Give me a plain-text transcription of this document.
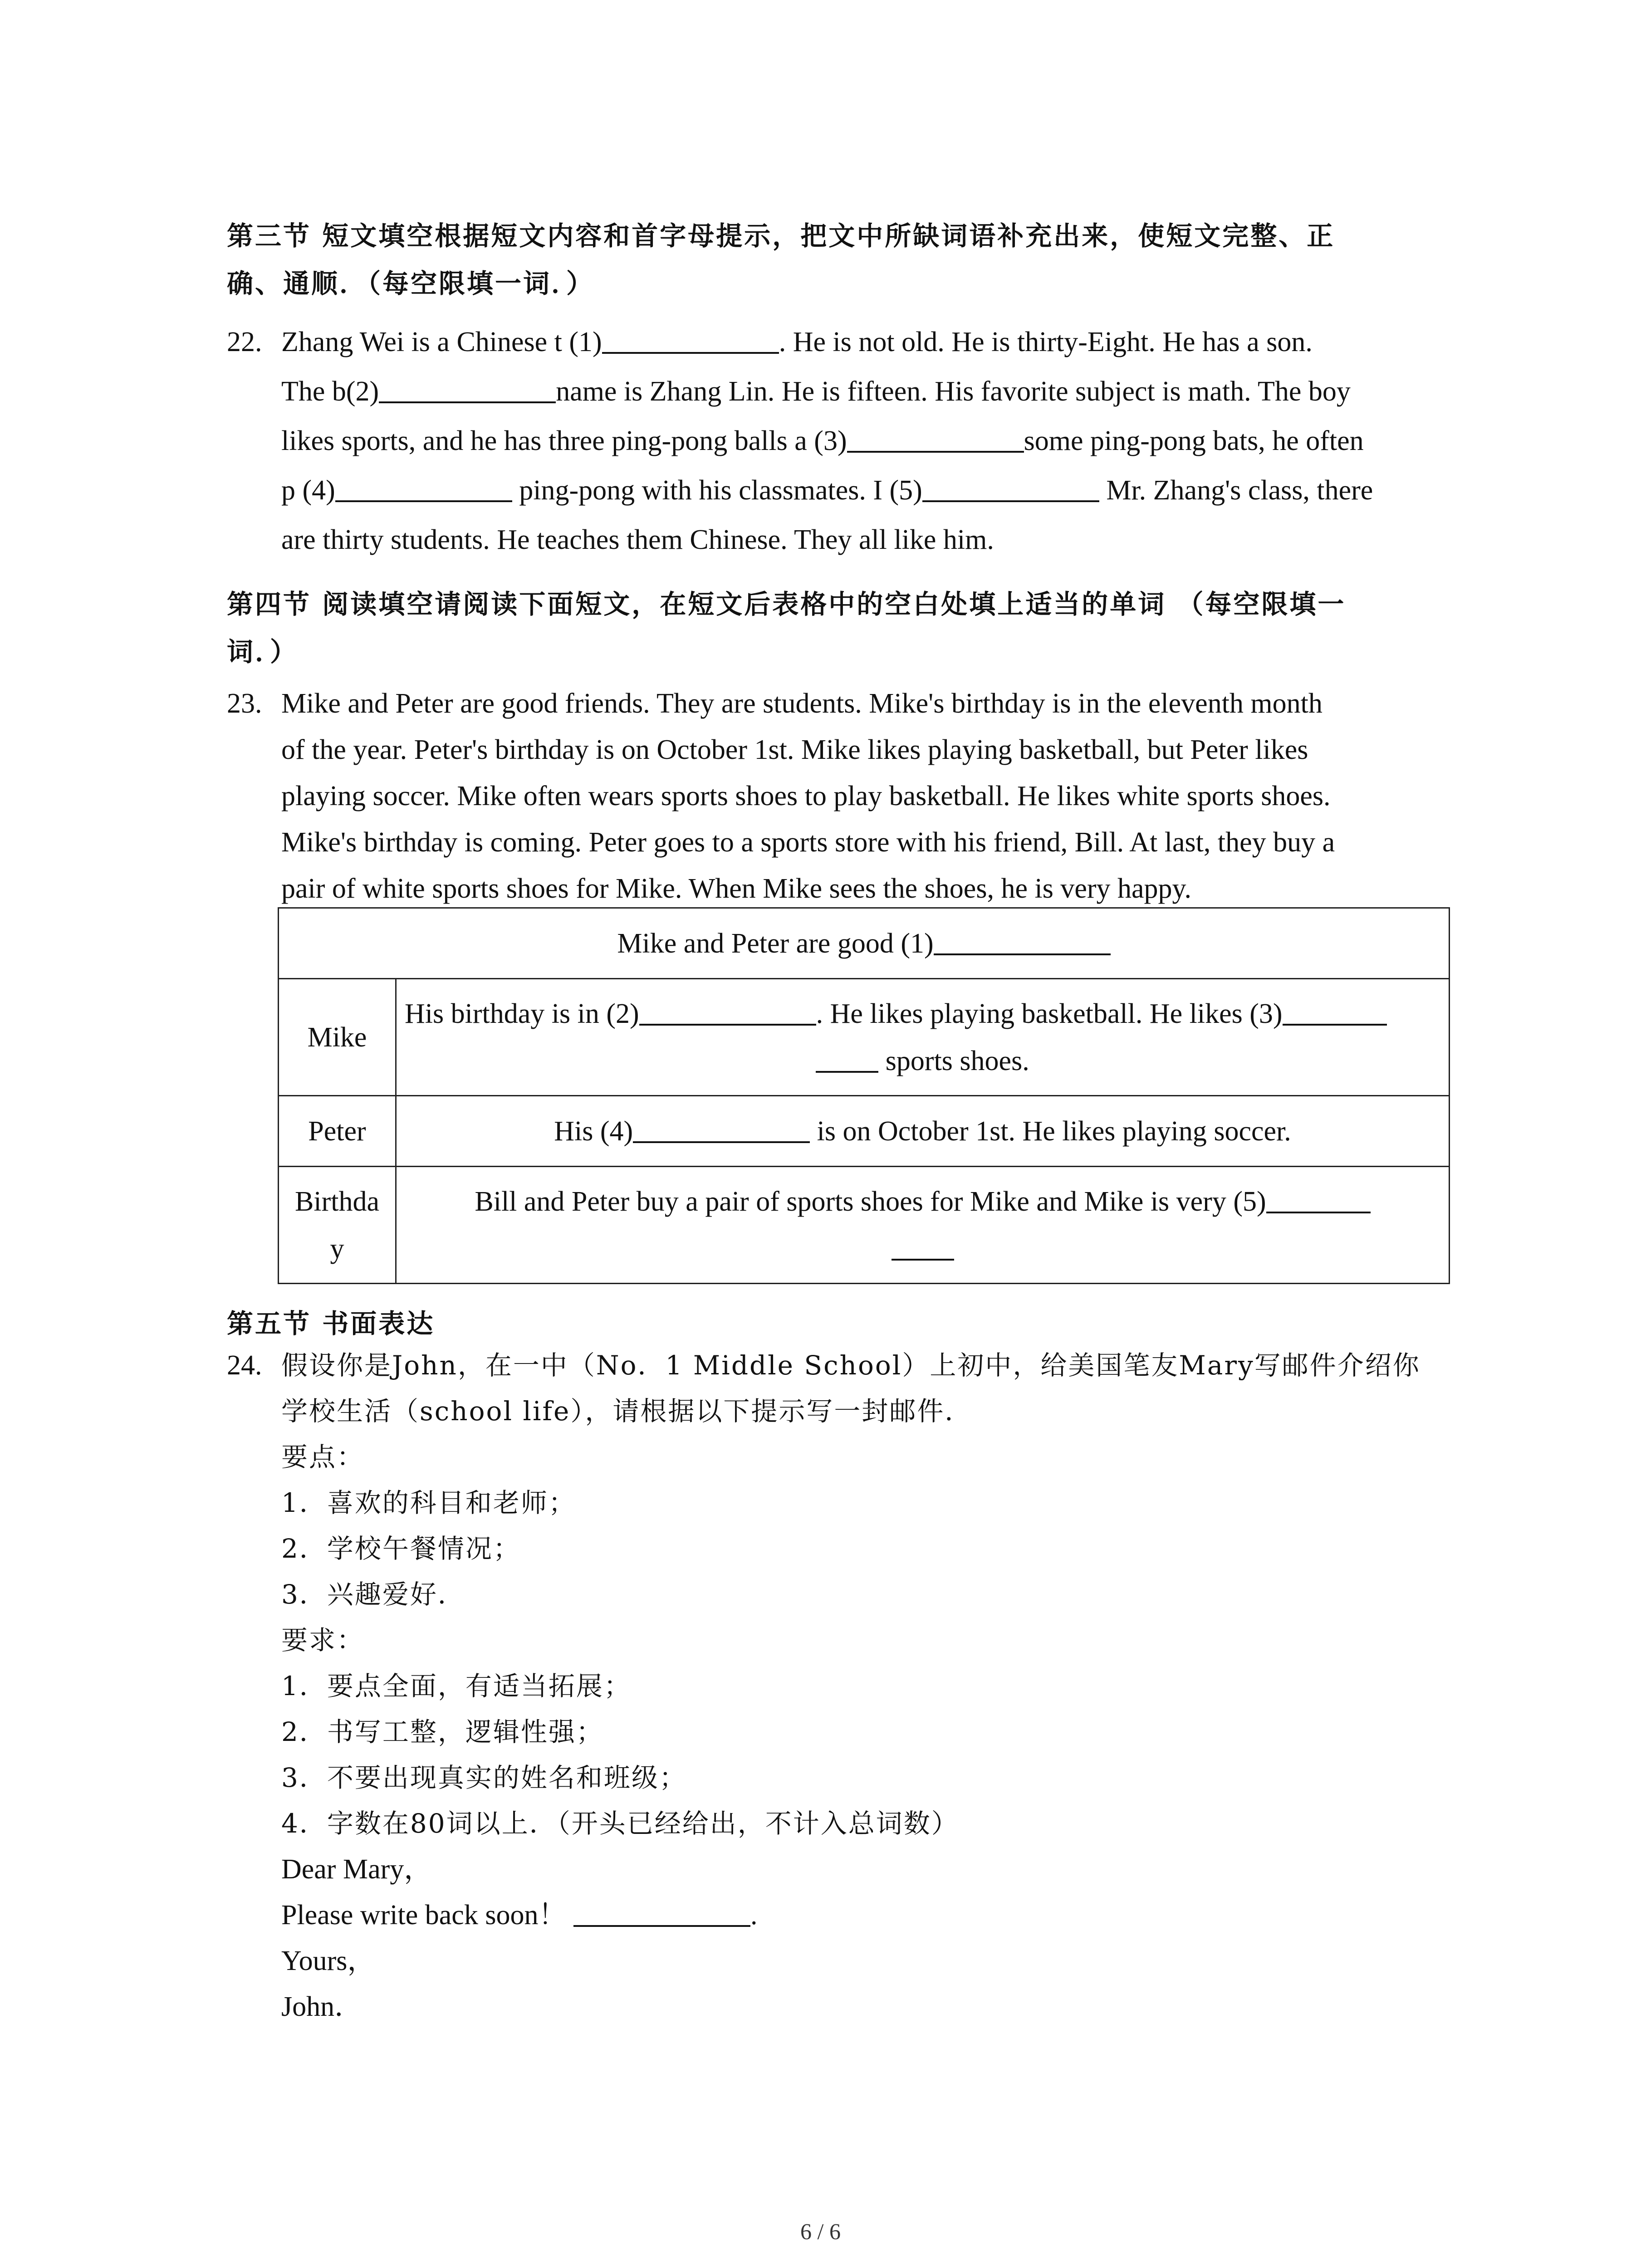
第三节 短文填空根据短文内容和首字母提示，把文中所缺词语补充出来，使短文完整、正
确、通顺．（每空限填一词．）
22. Zhang Wei is a Chinese t (1)	. He is not old. He is thirty-Eight. He has a son.
The b(2)	name is Zhang Lin. He is fifteen. His favorite subject is math. The boy
likes sports, and he has three ping-pong balls a (3)	some ping-pong bats, he often
p (4)	ping-pong with his classmates. I (5)	Mr. Zhang's class, there
are thirty students. He teaches them Chinese. They all like him.
第四节 阅读填空请阅读下面短文，在短文后表格中的空白处填上适当的单词 （每空限填一
词．）
23. Mike and Peter are good friends. They are students. Mike's birthday is in the eleventh month
of the year. Peter's birthday is on October 1st. Mike likes playing basketball, but Peter likes
playing soccer. Mike often wears sports shoes to play basketball. He likes white sports shoes.
Mike's birthday is coming. Peter goes to a sports store with his friend, Bill. At last, they buy a
pair of white sports shoes for Mike. When Mike sees the shoes, he is very happy.
Mike and Peter are good (1)	
Mike	His birthday is in (2) . He likes playing basketball. He likes (3)
sports shoes.

Peter	His (4) is on October 1st. He likes playing soccer.

Birthda
y	Bill and Peter buy a pair of sports shoes for Mike and Mike is very (5)
第五节 书面表达
24. 假设你是John，在一中（No．1 Middle School）上初中，给美国笔友Mary写邮件介绍你
学校生活（school life），请根据以下提示写一封邮件．
要点：
1．喜欢的科目和老师；
2．学校午餐情况；
3．兴趣爱好．
要求：
1．要点全面，有适当拓展；
2．书写工整，逻辑性强；
3．不要出现真实的姓名和班级；
4．字数在80词以上．（开头已经给出，不计入总词数）
Dear Mary，
Please write back soon！	.
Yours，
John．
6 / 6
